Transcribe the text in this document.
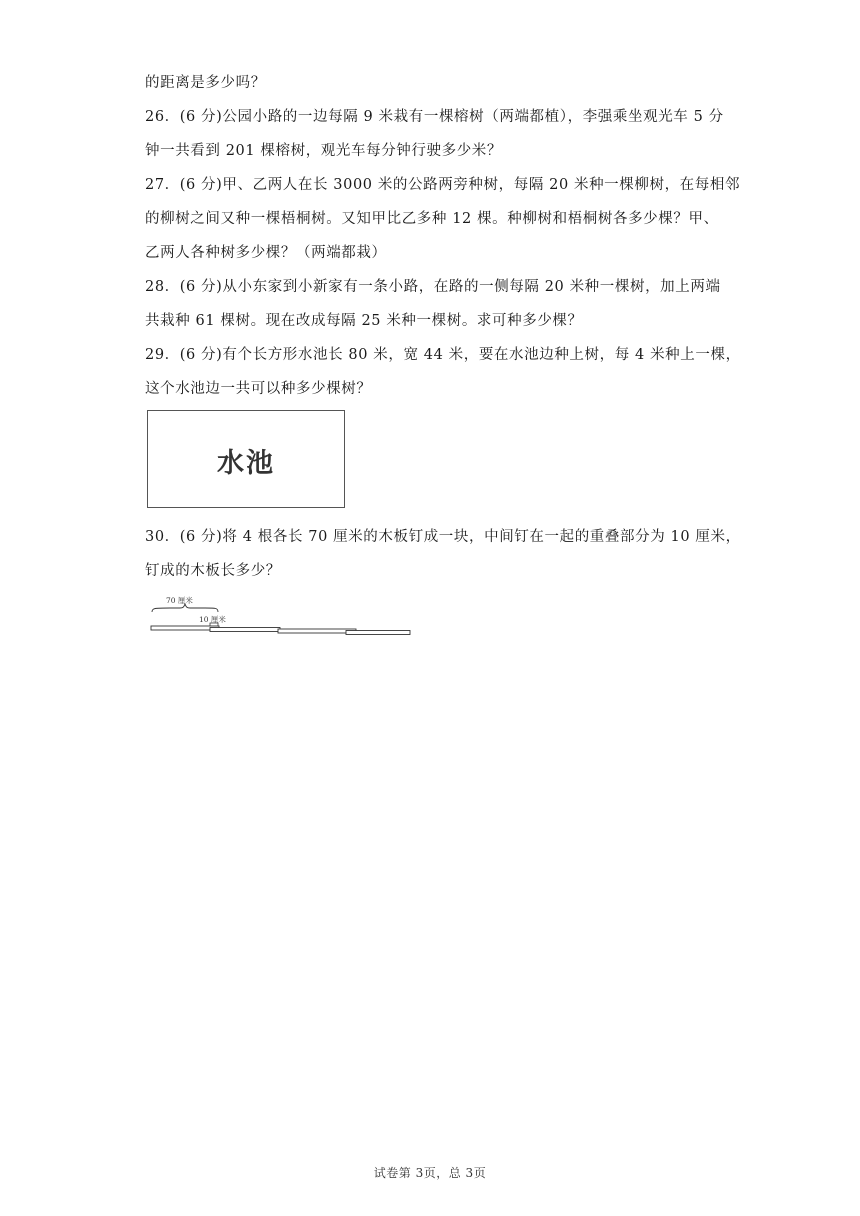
的距离是多少吗？
26．(6 分)公园小路的一边每隔 9 米栽有一棵榕树（两端都植），李强乘坐观光车 5 分
钟一共看到 201 棵榕树，观光车每分钟行驶多少米？
27．(6 分)甲、乙两人在长 3000 米的公路两旁种树，每隔 20 米种一棵柳树，在每相邻
的柳树之间又种一棵梧桐树。又知甲比乙多种 12 棵。种柳树和梧桐树各多少棵？甲、
乙两人各种树多少棵？（两端都栽）
28．(6 分)从小东家到小新家有一条小路，在路的一侧每隔 20 米种一棵树，加上两端
共栽种 61 棵树。现在改成每隔 25 米种一棵树。求可种多少棵？
29．(6 分)有个长方形水池长 80 米，宽 44 米，要在水池边种上树，每 4 米种上一棵，
这个水池边一共可以种多少棵树？
30．(6 分)将 4 根各长 70 厘米的木板钉成一块，中间钉在一起的重叠部分为 10 厘米，
钉成的木板长多少？
水池
70 厘米
10 厘米
试卷第 3页，总 3页
